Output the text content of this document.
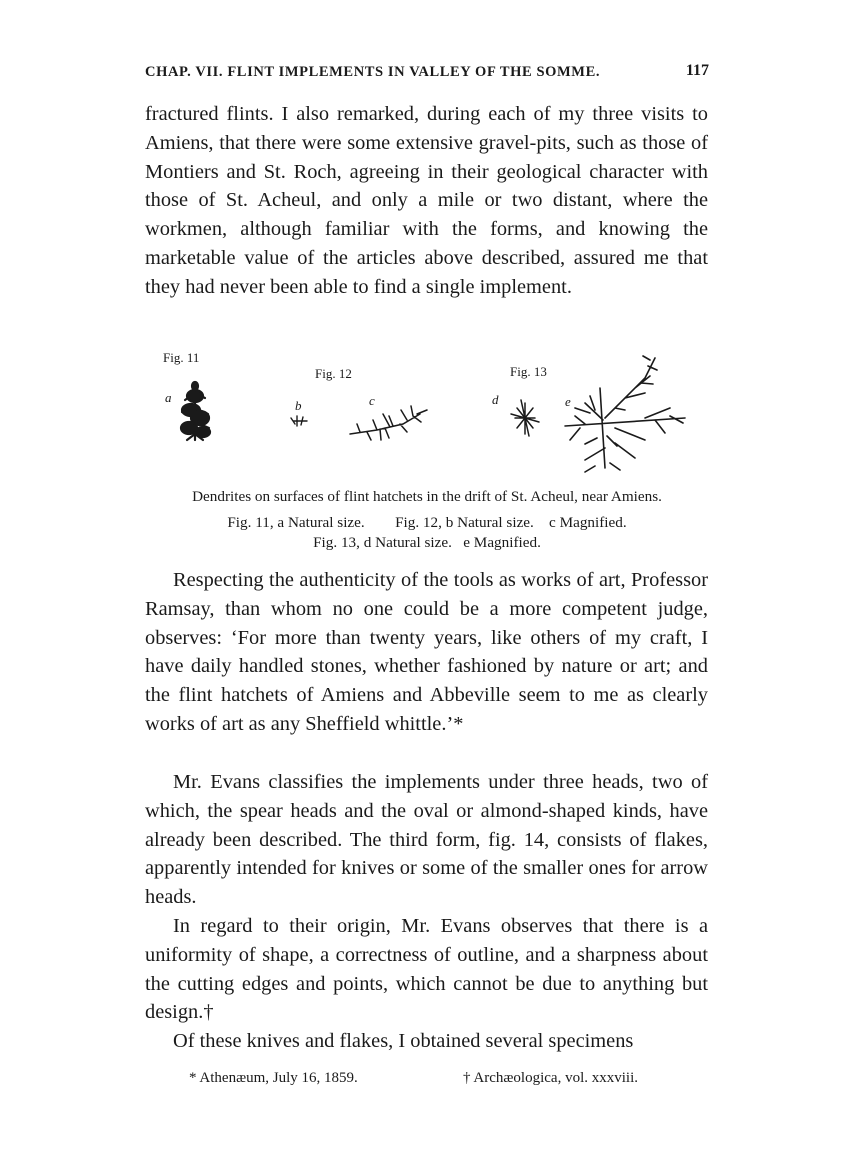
CHAP. VII. FLINT IMPLEMENTS IN VALLEY OF THE SOMME.	117

fractured flints. I also remarked, during each of my three visits to Amiens, that there were some extensive gravel-pits, such as those of Montiers and St. Roch, agreeing in their geological character with those of St. Acheul, and only a mile or two distant, where the workmen, although familiar with the forms, and knowing the marketable value of the articles above described, assured me that they had never been able to find a single implement.

Fig. 11
Fig. 12	Fig. 13
a
b	c	d	e
Dendrites on surfaces of flint hatchets in the drift of St. Acheul, near Amiens.
Fig. 11, a Natural size.        Fig. 12, b Natural size.    c Magnified.
Fig. 13, d Natural size.   e Magnified.

Respecting the authenticity of the tools as works of art, Professor Ramsay, than whom no one could be a more competent judge, observes: ‘For more than twenty years, like others of my craft, I have daily handled stones, whether fashioned by nature or art; and the flint hatchets of Amiens and Abbeville seem to me as clearly works of art as any Sheffield whittle.’*

Mr. Evans classifies the implements under three heads, two of which, the spear heads and the oval or almond-shaped kinds, have already been described. The third form, fig. 14, consists of flakes, apparently intended for knives or some of the smaller ones for arrow heads.

In regard to their origin, Mr. Evans observes that there is a uniformity of shape, a correctness of outline, and a sharpness about the cutting edges and points, which cannot be due to anything but design.†

Of these knives and flakes, I obtained several specimens

* Athenæum, July 16, 1859.	† Archæologica, vol. xxxviii.
